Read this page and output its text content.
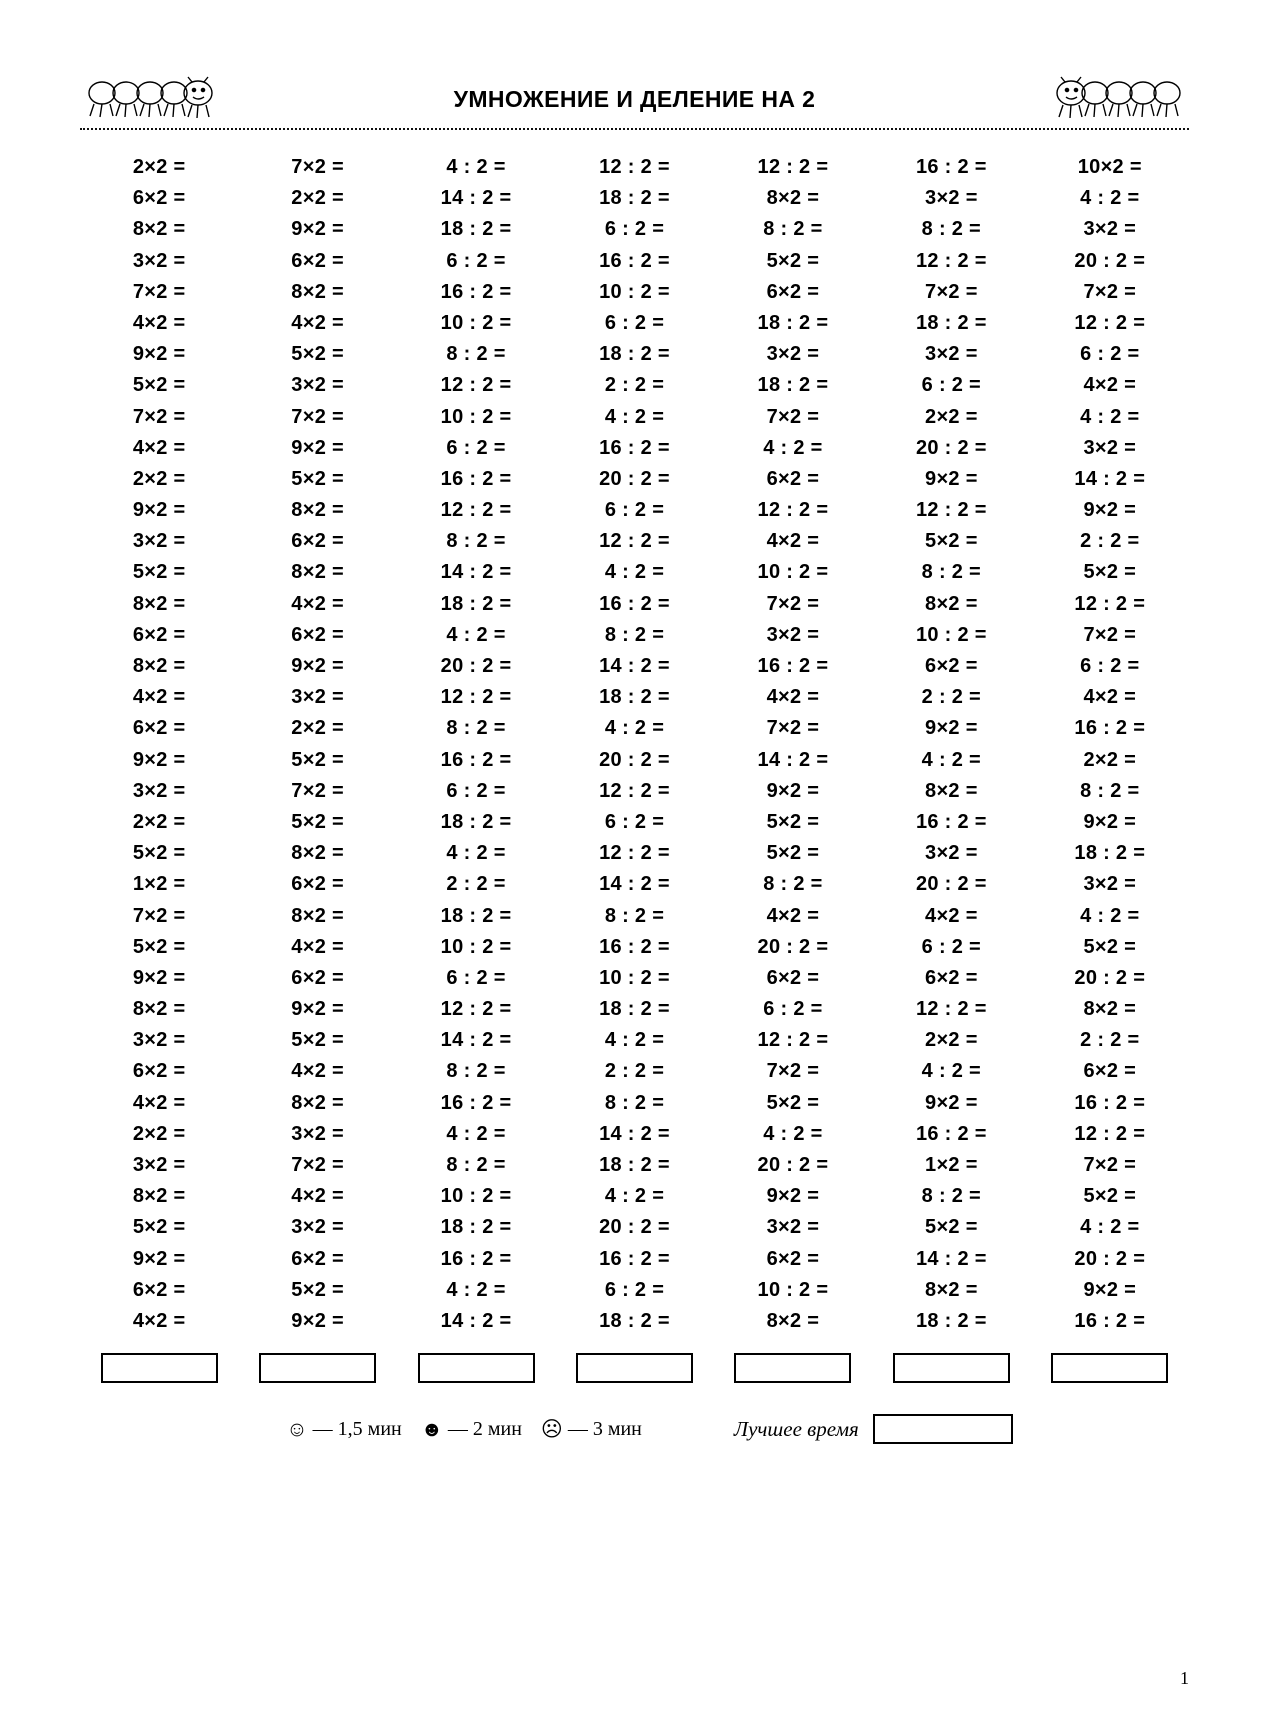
УМНОЖЕНИЕ И ДЕЛЕНИЕ НА 2
2×2 =	7×2 =	4 : 2 =	12 : 2 =	12 : 2 =	16 : 2 =	10×2 =
6×2 =	2×2 =	14 : 2 =	18 : 2 =	8×2 =	3×2 =	4 : 2 =
8×2 =	9×2 =	18 : 2 =	6 : 2 =	8 : 2 =	8 : 2 =	3×2 =
3×2 =	6×2 =	6 : 2 =	16 : 2 =	5×2 =	12 : 2 =	20 : 2 =
7×2 =	8×2 =	16 : 2 =	10 : 2 =	6×2 =	7×2 =	7×2 =
4×2 =	4×2 =	10 : 2 =	6 : 2 =	18 : 2 =	18 : 2 =	12 : 2 =
9×2 =	5×2 =	8 : 2 =	18 : 2 =	3×2 =	3×2 =	6 : 2 =
5×2 =	3×2 =	12 : 2 =	2 : 2 =	18 : 2 =	6 : 2 =	4×2 =
7×2 =	7×2 =	10 : 2 =	4 : 2 =	7×2 =	2×2 =	4 : 2 =
4×2 =	9×2 =	6 : 2 =	16 : 2 =	4 : 2 =	20 : 2 =	3×2 =
2×2 =	5×2 =	16 : 2 =	20 : 2 =	6×2 =	9×2 =	14 : 2 =
9×2 =	8×2 =	12 : 2 =	6 : 2 =	12 : 2 =	12 : 2 =	9×2 =
3×2 =	6×2 =	8 : 2 =	12 : 2 =	4×2 =	5×2 =	2 : 2 =
5×2 =	8×2 =	14 : 2 =	4 : 2 =	10 : 2 =	8 : 2 =	5×2 =
8×2 =	4×2 =	18 : 2 =	16 : 2 =	7×2 =	8×2 =	12 : 2 =
6×2 =	6×2 =	4 : 2 =	8 : 2 =	3×2 =	10 : 2 =	7×2 =
8×2 =	9×2 =	20 : 2 =	14 : 2 =	16 : 2 =	6×2 =	6 : 2 =
4×2 =	3×2 =	12 : 2 =	18 : 2 =	4×2 =	2 : 2 =	4×2 =
6×2 =	2×2 =	8 : 2 =	4 : 2 =	7×2 =	9×2 =	16 : 2 =
9×2 =	5×2 =	16 : 2 =	20 : 2 =	14 : 2 =	4 : 2 =	2×2 =
3×2 =	7×2 =	6 : 2 =	12 : 2 =	9×2 =	8×2 =	8 : 2 =
2×2 =	5×2 =	18 : 2 =	6 : 2 =	5×2 =	16 : 2 =	9×2 =
5×2 =	8×2 =	4 : 2 =	12 : 2 =	5×2 =	3×2 =	18 : 2 =
1×2 =	6×2 =	2 : 2 =	14 : 2 =	8 : 2 =	20 : 2 =	3×2 =
7×2 =	8×2 =	18 : 2 =	8 : 2 =	4×2 =	4×2 =	4 : 2 =
5×2 =	4×2 =	10 : 2 =	16 : 2 =	20 : 2 =	6 : 2 =	5×2 =
9×2 =	6×2 =	6 : 2 =	10 : 2 =	6×2 =	6×2 =	20 : 2 =
8×2 =	9×2 =	12 : 2 =	18 : 2 =	6 : 2 =	12 : 2 =	8×2 =
3×2 =	5×2 =	14 : 2 =	4 : 2 =	12 : 2 =	2×2 =	2 : 2 =
6×2 =	4×2 =	8 : 2 =	2 : 2 =	7×2 =	4 : 2 =	6×2 =
4×2 =	8×2 =	16 : 2 =	8 : 2 =	5×2 =	9×2 =	16 : 2 =
2×2 =	3×2 =	4 : 2 =	14 : 2 =	4 : 2 =	16 : 2 =	12 : 2 =
3×2 =	7×2 =	8 : 2 =	18 : 2 =	20 : 2 =	1×2 =	7×2 =
8×2 =	4×2 =	10 : 2 =	4 : 2 =	9×2 =	8 : 2 =	5×2 =
5×2 =	3×2 =	18 : 2 =	20 : 2 =	3×2 =	5×2 =	4 : 2 =
9×2 =	6×2 =	16 : 2 =	16 : 2 =	6×2 =	14 : 2 =	20 : 2 =
6×2 =	5×2 =	4 : 2 =	6 : 2 =	10 : 2 =	8×2 =	9×2 =
4×2 =	9×2 =	14 : 2 =	18 : 2 =	8×2 =	18 : 2 =	16 : 2 =
☺ — 1,5 мин ☻ — 2 мин ☹ — 3 мин	Лучшее время
1
